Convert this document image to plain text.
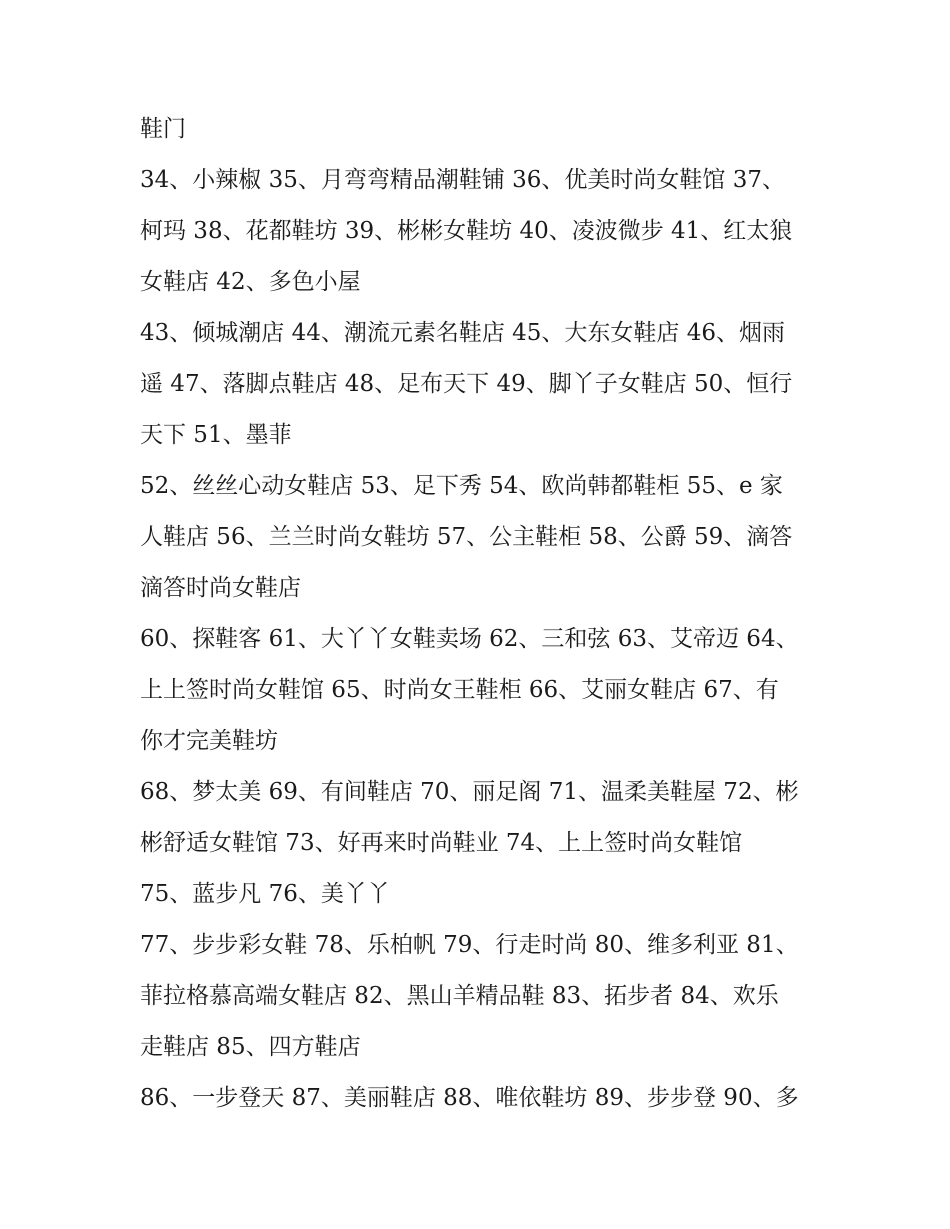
鞋门
34、小辣椒 35、月弯弯精品潮鞋铺 36、优美时尚女鞋馆 37、
柯玛 38、花都鞋坊 39、彬彬女鞋坊 40、凌波微步 41、红太狼
女鞋店 42、多色小屋
43、倾城潮店 44、潮流元素名鞋店 45、大东女鞋店 46、烟雨
遥 47、落脚点鞋店 48、足布天下 49、脚丫子女鞋店 50、恒行
天下 51、墨菲
52、丝丝心动女鞋店 53、足下秀 54、欧尚韩都鞋柜 55、e 家
人鞋店 56、兰兰时尚女鞋坊 57、公主鞋柜 58、公爵 59、滴答
滴答时尚女鞋店
60、探鞋客 61、大丫丫女鞋卖场 62、三和弦 63、艾帝迈 64、
上上签时尚女鞋馆 65、时尚女王鞋柜 66、艾丽女鞋店 67、有
你才完美鞋坊
68、梦太美 69、有间鞋店 70、丽足阁 71、温柔美鞋屋 72、彬
彬舒适女鞋馆 73、好再来时尚鞋业 74、上上签时尚女鞋馆
75、蓝步凡 76、美丫丫
77、步步彩女鞋 78、乐柏帆 79、行走时尚 80、维多利亚 81、
菲拉格慕高端女鞋店 82、黑山羊精品鞋 83、拓步者 84、欢乐
走鞋店 85、四方鞋店
86、一步登天 87、美丽鞋店 88、唯依鞋坊 89、步步登 90、多
